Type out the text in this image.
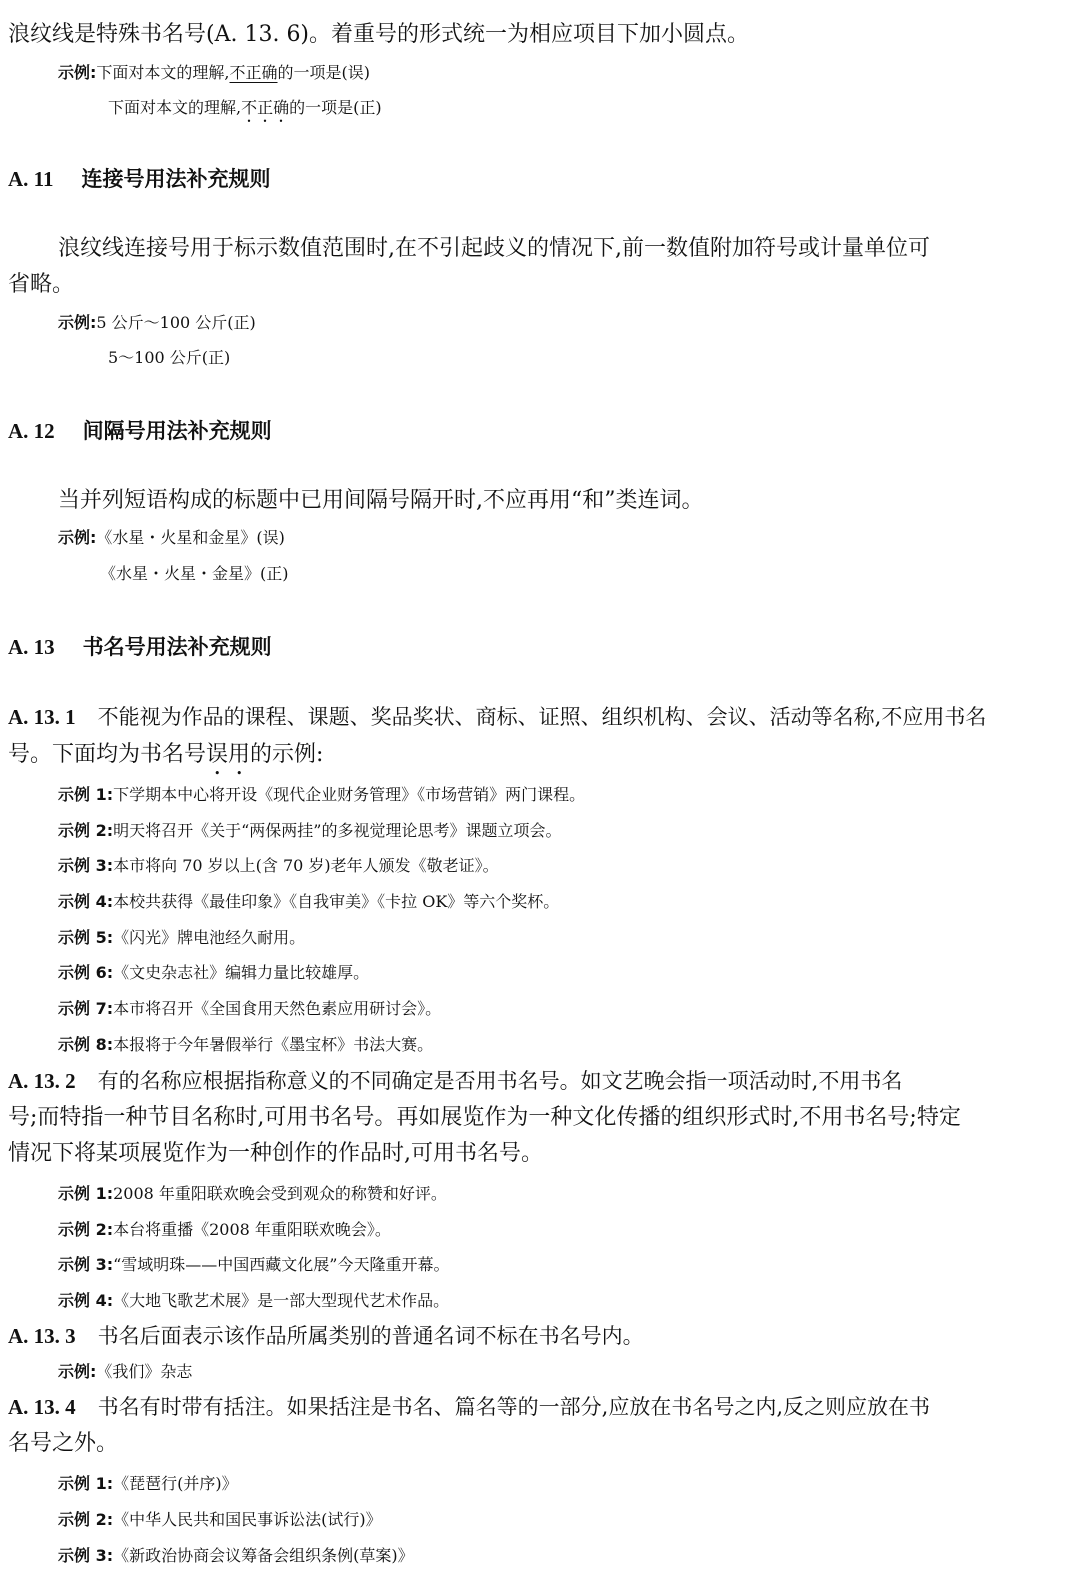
浪纹线是特殊书名号(A. 13. 6)。着重号的形式统一为相应项目下加小圆点。
示例:下面对本文的理解,不正确的一项是(误)
下面对本文的理解,不正确的一项是(正)
A. 11 连接号用法补充规则
浪纹线连接号用于标示数值范围时,在不引起歧义的情况下,前一数值附加符号或计量单位可
省略。
示例:5 公斤～100 公斤(正)
5～100 公斤(正)
A. 12 间隔号用法补充规则
当并列短语构成的标题中已用间隔号隔开时,不应再用“和”类连词。
示例:《水星・火星和金星》(误)
《水星・火星・金星》(正)
A. 13 书名号用法补充规则
A. 13. 1 不能视为作品的课程、课题、奖品奖状、商标、证照、组织机构、会议、活动等名称,不应用书名
号。下面均为书名号误用的示例:
示例 1:下学期本中心将开设《现代企业财务管理》《市场营销》两门课程。
示例 2:明天将召开《关于“两保两挂”的多视觉理论思考》课题立项会。
示例 3:本市将向 70 岁以上(含 70 岁)老年人颁发《敬老证》。
示例 4:本校共获得《最佳印象》《自我审美》《卡拉 OK》等六个奖杯。
示例 5:《闪光》牌电池经久耐用。
示例 6:《文史杂志社》编辑力量比较雄厚。
示例 7:本市将召开《全国食用天然色素应用研讨会》。
示例 8:本报将于今年暑假举行《墨宝杯》书法大赛。
A. 13. 2 有的名称应根据指称意义的不同确定是否用书名号。如文艺晚会指一项活动时,不用书名
号;而特指一种节目名称时,可用书名号。再如展览作为一种文化传播的组织形式时,不用书名号;特定
情况下将某项展览作为一种创作的作品时,可用书名号。
示例 1:2008 年重阳联欢晚会受到观众的称赞和好评。
示例 2:本台将重播《2008 年重阳联欢晚会》。
示例 3:“雪域明珠——中国西藏文化展”今天隆重开幕。
示例 4:《大地飞歌艺术展》是一部大型现代艺术作品。
A. 13. 3 书名后面表示该作品所属类别的普通名词不标在书名号内。
示例:《我们》杂志
A. 13. 4 书名有时带有括注。如果括注是书名、篇名等的一部分,应放在书名号之内,反之则应放在书
名号之外。
示例 1:《琵琶行(并序)》
示例 2:《中华人民共和国民事诉讼法(试行)》
示例 3:《新政治协商会议筹备会组织条例(草案)》
